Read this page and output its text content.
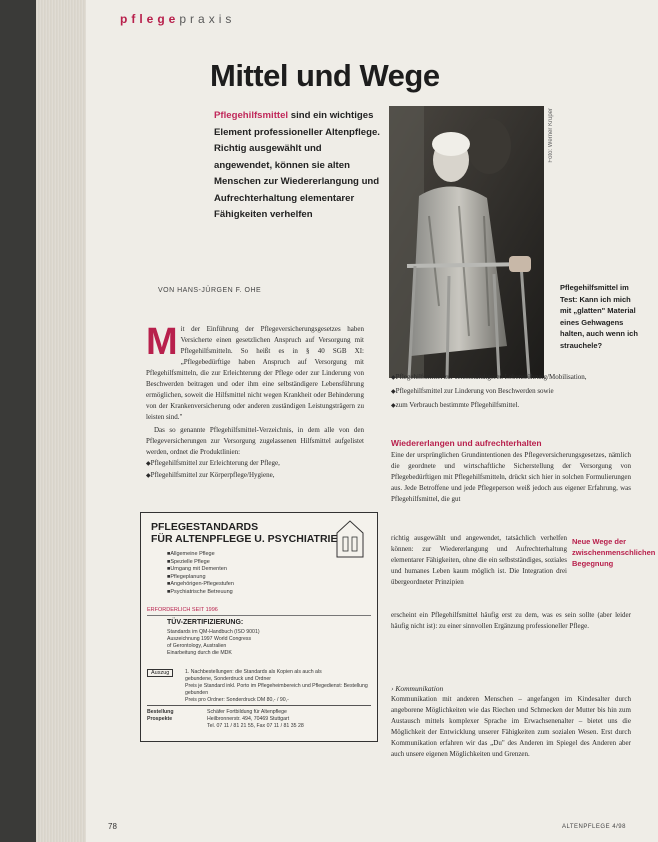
pflegepraxis
Mittel und Wege
Pflegehilfsmittel sind ein wichtiges Element professioneller Altenpflege. Richtig ausgewählt und angewendet, können sie alten Menschen zur Wiedererlangung und Aufrechterhaltung elementarer Fähigkeiten verhelfen
Foto: Werner Krüper
Pflegehilfsmittel im Test: Kann ich mich mit „glatten" Material eines Gehwagens halten, auch wenn ich strauchele?
VON HANS-JÜRGEN F. OHE
M it der Einführung der Pflegeversicherungsgesetzes haben Versicherte einen gesetzlichen Anspruch auf Versorgung mit Pflegehilfsmitteln. So heißt es in § 40 SGB XI: „Pflegebedürftige haben Anspruch auf Versorgung mit Pflegehilfsmitteln, die zur Erleichterung der Pflege oder zur Linderung von Beschwerden beitragen und oder ihm eine selbständigere Lebensführung ermöglichen, soweit die Hilfsmittel nicht wegen Krankheit oder Behinderung von der Krankenversicherung oder anderen zuständigen Leistungsträgern zu leisten sind."
Das so genannte Pflegehilfsmittel-Verzeichnis, in dem alle von den Pflegeversicherungen zur Versorgung zugelassenen Hilfsmittel aufgelistet werden, ordnet die Produktlinien:
◆ Pflegehilfsmittel zur Erleichterung der Pflege,
◆ Pflegehilfsmittel zur Körperpflege/Hygiene,
◆ Pflegehilfsmittel zur selbstständigeren Lebensführung/Mobilisation,
◆ Pflegehilfsmittel zur Linderung von Beschwerden sowie
◆ zum Verbrauch bestimmte Pflegehilfsmittel.
Wiedererlangen und aufrechterhalten
Eine der ursprünglichen Grundintentionen des Pflegeversicherungsgesetzes, nämlich die geordnete und wirtschaftliche Sicherstellung der Versorgung von Pflegebedürftigen mit Pflegehilfsmitteln, drückt sich hier in solchen Formulierungen aus. Jede Betroffene und jede Pflegeperson weiß jedoch aus eigener Erfahrung, was Pflegehilfsmittel, die gut
richtig ausgewählt und angewendet, tatsächlich verhelfen können: zur Wiedererlangung und Aufrechterhaltung elementarer Fähigkeiten, ohne die ein selbstständiges, soziales und humanes Leben kaum möglich ist. Die Integration drei übergeordneter Prinzipien
Neue Wege der zwischenmenschlichen Begegnung
erscheint ein Pflegehilfsmittel häufig erst zu dem, was es sein sollte (aber leider häufig nicht ist): zu einer sinnvollen Ergänzung professioneller Pflege.
› Kommunikation
Kommunikation mit anderen Menschen – angefangen im Kindesalter durch angeborene Möglichkeiten wie das Riechen und Schmecken der Mutter bis hin zum Austausch mittels komplexer Sprache im Erwachsenenalter – bietet uns die Möglichkeit der Entwicklung unserer Fähigkeiten zum sozialen Wesen. Erst durch Kommunikation erfahren wir das „Du" des Anderen im Spiegel des Anderen aber auch unsere eigenen Möglichkeiten und Grenzen.
PFLEGESTANDARDS
FÜR ALTENPFLEGE U. PSYCHIATRIE
■ Allgemeine Pflege
■ Spezielle Pflege
■ Umgang mit Dementen
■ Pflegeplanung
■ Angehörigen-Pflegestufen
■ Psychiatrische Betreuung
ERFORDERLICH SEIT 1996
TÜV-ZERTIFIZIERUNG:
Standards im QM-Handbuch (ISO 9001)
Auszeichnung 1997 World Congress
of Gerontology, Australien
Einarbeitung durch die MDK
Auszug	1. Nachbestellungen: die Standards als Kopien als auch als
gebundene, Sonderdruck und Ordner
Preis je Standard inkl. Porto im Pflegeheimbereich und Pflegedienst: Bestellung gebunden
Preis pro Ordner: Sonderdruck DM 80,- / 90,-
Bestellung Prospekte
Schäfer Fortbildung für Altenpflege
Heilbronnerstr. 494, 70469 Stuttgart
Tel. 07 11 / 81 21 55, Fax 07 11 / 81 35 28
78	ALTENPFLEGE 4/98
